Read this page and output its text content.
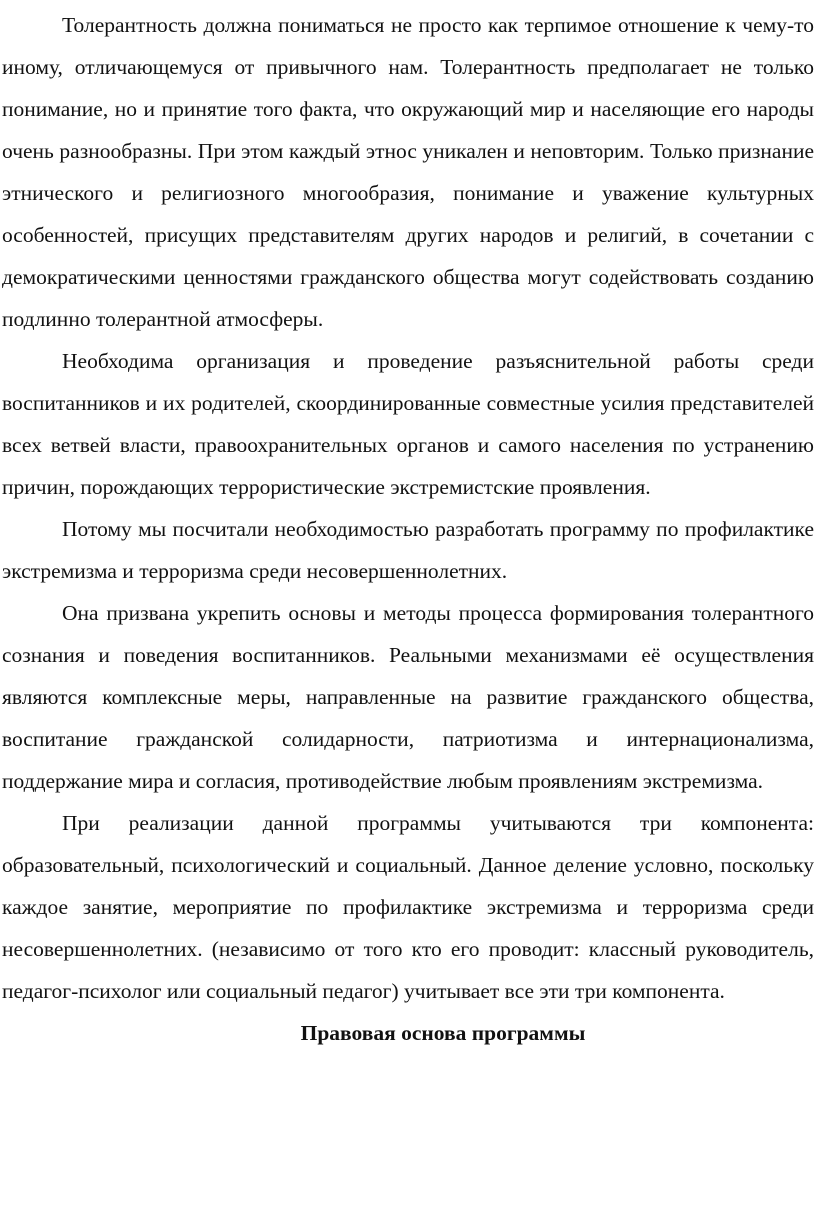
Толерантность должна пониматься не просто как терпимое отношение к чему-то иному, отличающемуся от привычного нам. Толерантность предполагает не только понимание, но и принятие того факта, что окружающий мир и населяющие его народы очень разнообразны. При этом каждый этнос уникален и неповторим. Только признание этнического и религиозного многообразия, понимание и уважение культурных особенностей, присущих представителям других народов и религий, в сочетании с демократическими ценностями гражданского общества могут содействовать созданию подлинно толерантной атмосферы.

Необходима организация и проведение разъяснительной работы среди воспитанников и их родителей, скоординированные совместные усилия представителей всех ветвей власти, правоохранительных органов и самого населения по устранению причин, порождающих террористические экстремистские проявления.

Потому мы посчитали необходимостью разработать программу по профилактике экстремизма и терроризма среди несовершеннолетних.

Она призвана укрепить основы и методы процесса формирования толерантного сознания и поведения воспитанников. Реальными механизмами её осуществления являются комплексные меры, направленные на развитие гражданского общества, воспитание гражданской солидарности, патриотизма и интернационализма, поддержание мира и согласия, противодействие любым проявлениям экстремизма.

При реализации данной программы учитываются три компонента: образовательный, психологический и социальный. Данное деление условно, поскольку каждое занятие, мероприятие по профилактике экстремизма и терроризма среди несовершеннолетних. (независимо от того кто его проводит: классный руководитель, педагог-психолог или социальный педагог) учитывает все эти три компонента.

Правовая основа программы
